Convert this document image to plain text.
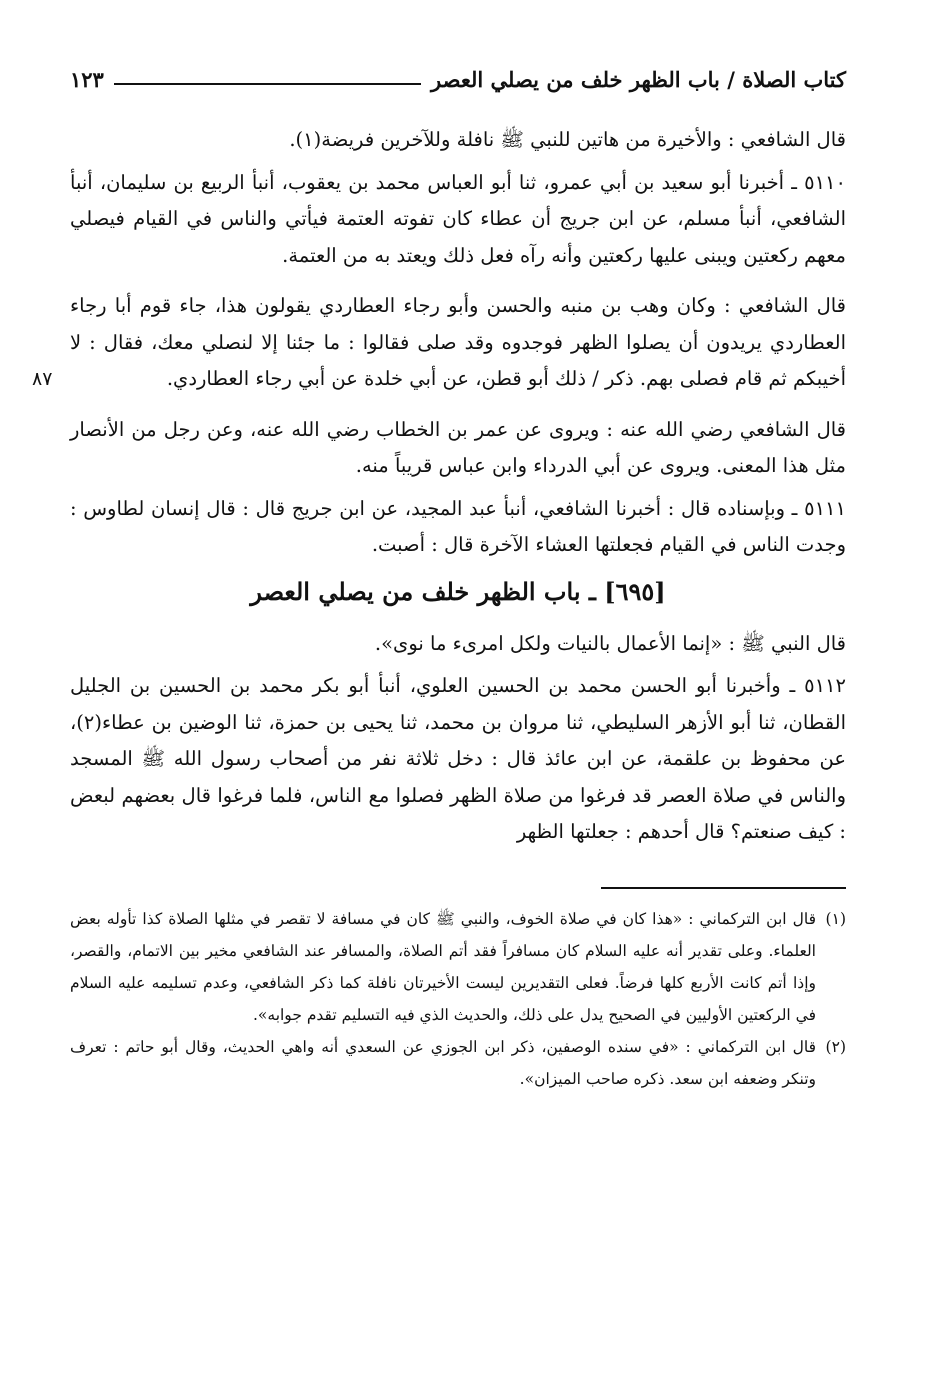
كتاب الصلاة / باب الظهر خلف من يصلي العصر
١٢٣

قال الشافعي : والأخيرة من هاتين للنبي ﷺ نافلة وللآخرين فريضة(١).

٥١١٠ ـ أخبرنا أبو سعيد بن أبي عمرو، ثنا أبو العباس محمد بن يعقوب، أنبأ الربيع بن سليمان، أنبأ الشافعي، أنبأ مسلم، عن ابن جريج أن عطاء كان تفوته العتمة فيأتي والناس في القيام فيصلي معهم ركعتين ويبنى عليها ركعتين وأنه رآه فعل ذلك ويعتد به من العتمة.

٨٧
قال الشافعي : وكان وهب بن منبه والحسن وأبو رجاء العطاردي يقولون هذا، جاء قوم أبا رجاء العطاردي يريدون أن يصلوا الظهر فوجدوه وقد صلى فقالوا : ما جئنا إلا لنصلي معك، فقال : لا أخيبكم ثم قام فصلى بهم. ذكر / ذلك أبو قطن، عن أبي خلدة عن أبي رجاء العطاردي.

قال الشافعي رضي الله عنه : ويروى عن عمر بن الخطاب رضي الله عنه، وعن رجل من الأنصار مثل هذا المعنى. ويروى عن أبي الدرداء وابن عباس قريباً منه.

٥١١١ ـ وبإسناده قال : أخبرنا الشافعي، أنبأ عبد المجيد، عن ابن جريج قال : قال إنسان لطاوس : وجدت الناس في القيام فجعلتها العشاء الآخرة قال : أصبت.

[٦٩٥] ـ باب الظهر خلف من يصلي العصر

قال النبي ﷺ : «إنما الأعمال بالنيات ولكل امرىء ما نوى».

٥١١٢ ـ وأخبرنا أبو الحسن محمد بن الحسين العلوي، أنبأ أبو بكر محمد بن الحسين بن الجليل القطان، ثنا أبو الأزهر السليطي، ثنا مروان بن محمد، ثنا يحيى بن حمزة، ثنا الوضين بن عطاء(٢)، عن محفوظ بن علقمة، عن ابن عائذ قال : دخل ثلاثة نفر من أصحاب رسول الله ﷺ المسجد والناس في صلاة العصر قد فرغوا من صلاة الظهر فصلوا مع الناس، فلما فرغوا قال بعضهم لبعض : كيف صنعتم؟ قال أحدهم : جعلتها الظهر

(١)
قال ابن التركماني : «هذا كان في صلاة الخوف، والنبي ﷺ كان في مسافة لا تقصر في مثلها الصلاة كذا تأوله بعض العلماء. وعلى تقدير أنه عليه السلام كان مسافراً فقد أتم الصلاة، والمسافر عند الشافعي مخير بين الاتمام، والقصر، وإذا أتم كانت الأربع كلها فرضاً. فعلى التقديرين ليست الأخيرتان نافلة كما ذكر الشافعي، وعدم تسليمه عليه السلام في الركعتين الأوليين في الصحيح يدل على ذلك، والحديث الذي فيه التسليم تقدم جوابه».
(٢)
قال ابن التركماني : «في سنده الوصفين، ذكر ابن الجوزي عن السعدي أنه واهي الحديث، وقال أبو حاتم : تعرف وتنكر وضعفه ابن سعد. ذكره صاحب الميزان».
